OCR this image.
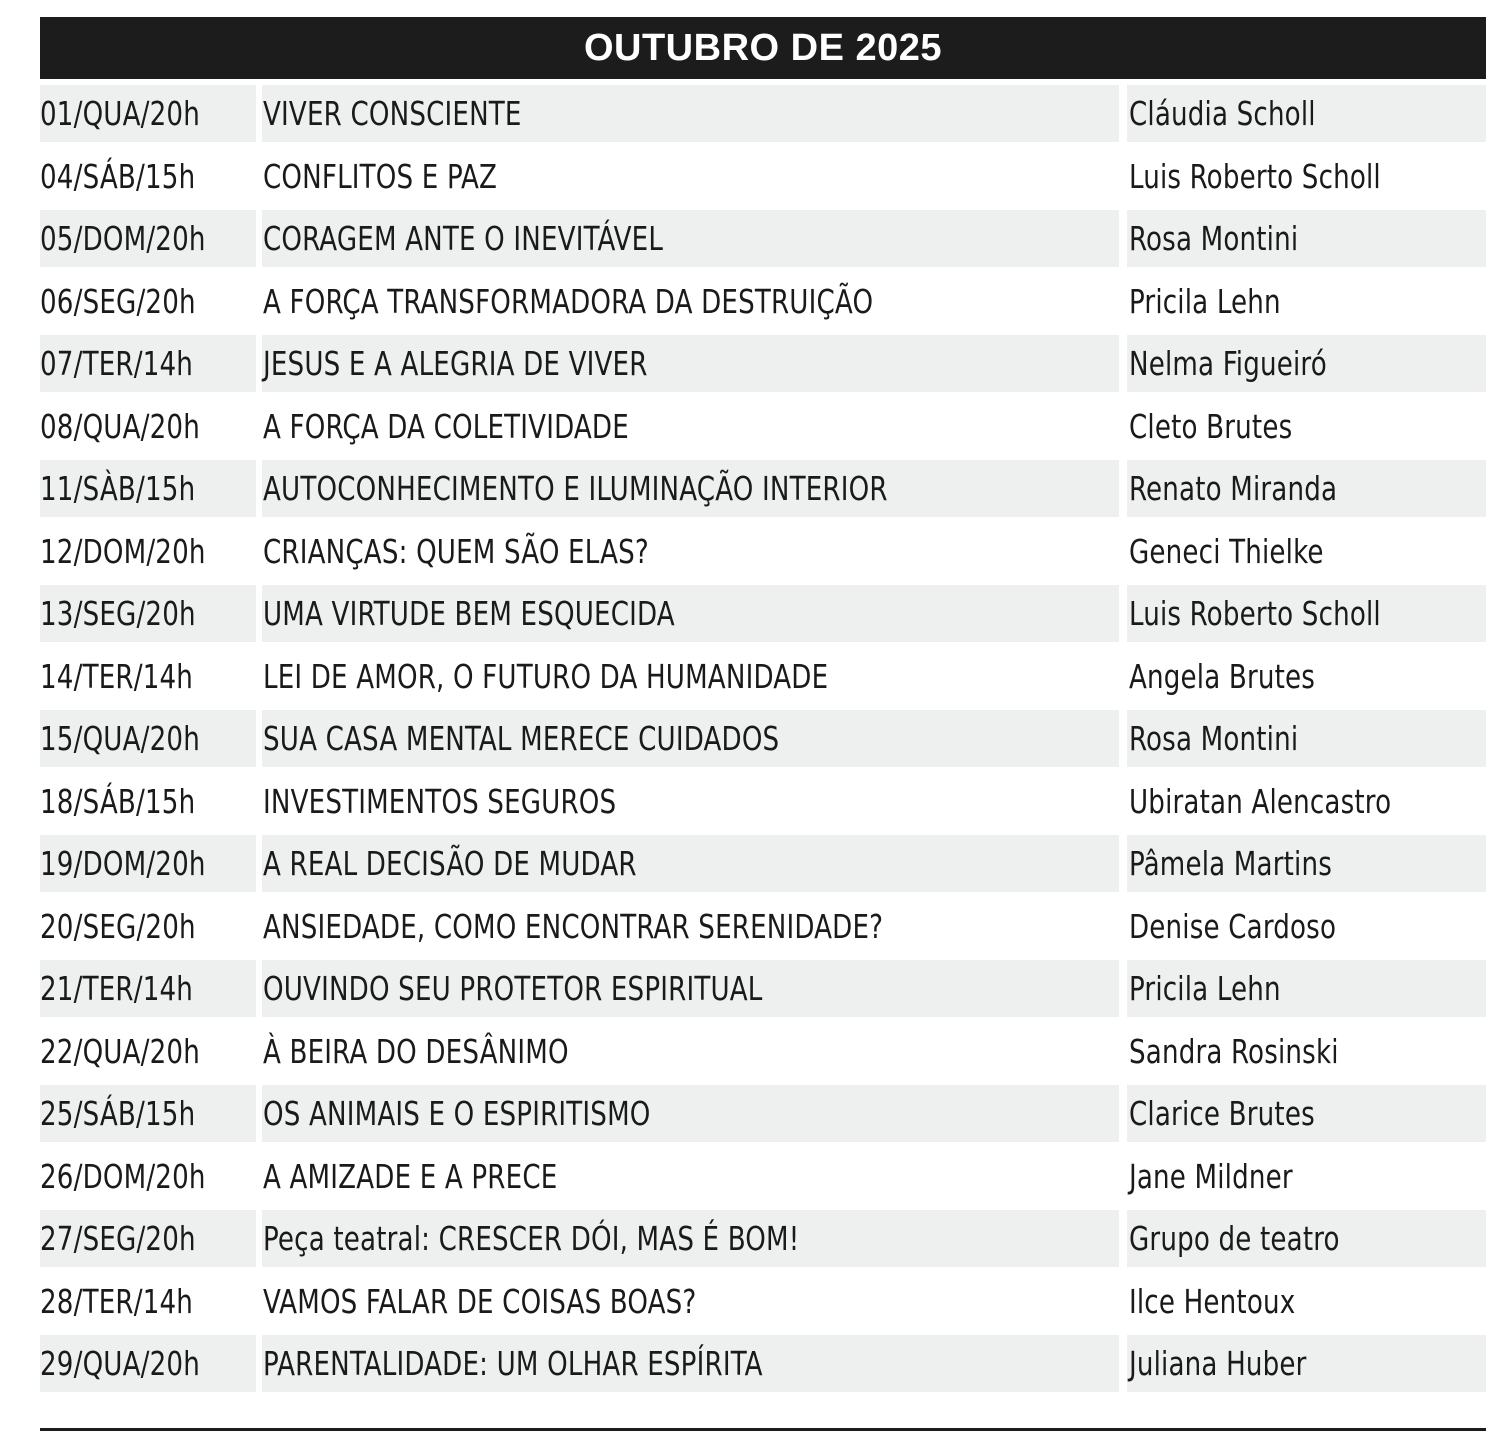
OUTUBRO DE 2025
01/QUA/20h VIVER CONSCIENTE	Cláudia Scholl
04/SÁB/15h CONFLITOS E PAZ	Luis Roberto Scholl
05/DOM/20h CORAGEM ANTE O INEVITÁVEL	Rosa Montini
06/SEG/20h A FORÇA TRANSFORMADORA DA DESTRUIÇÃO	Pricila Lehn
07/TER/14h JESUS E A ALEGRIA DE VIVER	Nelma Figueiró
08/QUA/20h A FORÇA DA COLETIVIDADE	Cleto Brutes
11/SÀB/15h AUTOCONHECIMENTO E ILUMINAÇÃO INTERIOR	Renato Miranda
12/DOM/20h CRIANÇAS: QUEM SÃO ELAS?	Geneci Thielke
13/SEG/20h UMA VIRTUDE BEM ESQUECIDA	Luis Roberto Scholl
14/TER/14h LEI DE AMOR, O FUTURO DA HUMANIDADE	Angela Brutes
15/QUA/20h SUA CASA MENTAL MERECE CUIDADOS	Rosa Montini
18/SÁB/15h INVESTIMENTOS SEGUROS	Ubiratan Alencastro
19/DOM/20h A REAL DECISÃO DE MUDAR	Pâmela Martins
20/SEG/20h ANSIEDADE, COMO ENCONTRAR SERENIDADE?	Denise Cardoso
21/TER/14h OUVINDO SEU PROTETOR ESPIRITUAL	Pricila Lehn
22/QUA/20h À BEIRA DO DESÂNIMO	Sandra Rosinski
25/SÁB/15h OS ANIMAIS E O ESPIRITISMO	Clarice Brutes
26/DOM/20h A AMIZADE E A PRECE	Jane Mildner
27/SEG/20h Peça teatral: CRESCER DÓI, MAS É BOM!	Grupo de teatro
28/TER/14h VAMOS FALAR DE COISAS BOAS?	Ilce Hentoux
29/QUA/20h PARENTALIDADE: UM OLHAR ESPÍRITA	Juliana Huber
